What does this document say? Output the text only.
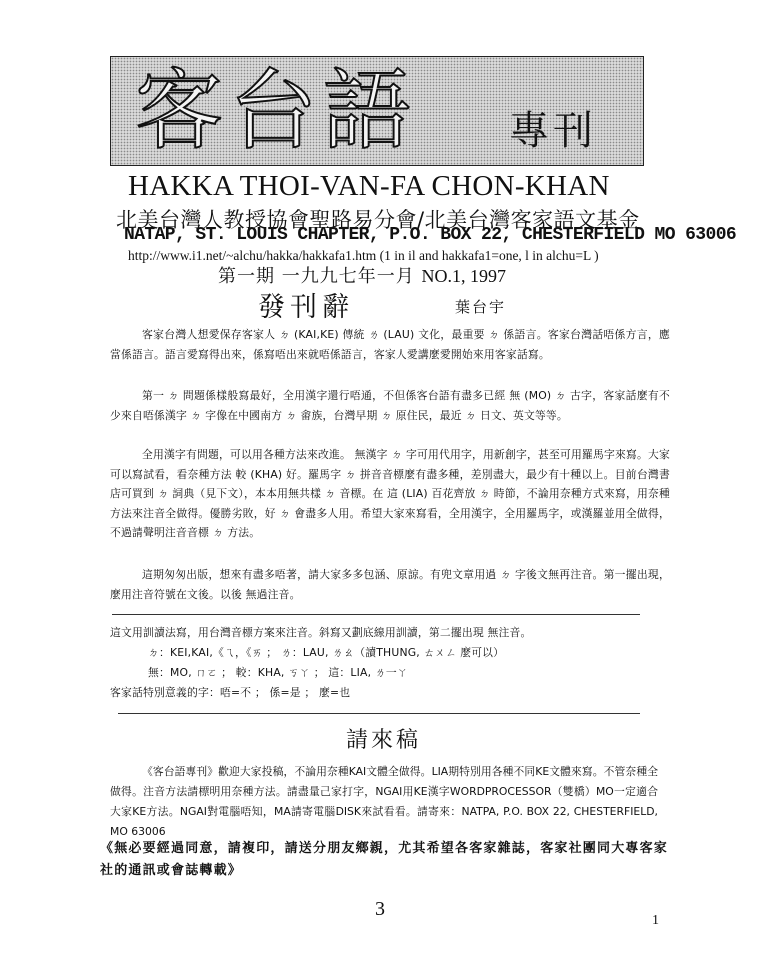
客台語 專刊
HAKKA THOI-VAN-FA CHON-KHAN
北美台灣人教授協會聖路易分會/北美台灣客家語文基金
NATAP, ST. LOUIS CHAPTER, P.O. BOX 22, CHESTERFIELD MO 63006
http://www.i1.net/~alchu/hakka/hakkafa1.htm (1 in il and hakkafa1=one, l in alchu=L )
第一期 一九九七年一月 NO.1, 1997
發刊辭	葉台宇

客家台灣人想愛保存客家人 ㄉ (KAI,KE) 傳統 ㄌ (LAU) 文化，最重要 ㄉ 係語言。客家台灣話唔係方言，應當係語言。語言愛寫得出來，係寫唔出來就唔係語言，客家人愛講麼愛開始來用客家話寫。

第一 ㄉ 問題係樣般寫最好，全用漢字還行唔通，不但係客台語有盡多已經 無 (MO) ㄉ 古字，客家話麼有不少來自唔係漢字 ㄉ 字像在中國南方 ㄉ 畬族，台灣早期 ㄉ 原住民，最近 ㄉ 日文、英文等等。

全用漢字有問題，可以用各種方法來改進。 無漢字 ㄉ 字可用代用字，用新創字，甚至可用羅馬字來寫。大家可以寫試看，看奈種方法 較 (KHA) 好。羅馬字 ㄉ 拼音音標麼有盡多種，差別盡大，最少有十種以上。目前台灣書店可買到 ㄉ 詞典（見下文），本本用無共樣 ㄉ 音標。在 這 (LIA) 百花齊放 ㄉ 時節，不論用奈種方式來寫，用奈種方法來注音全做得。優勝劣敗，好 ㄉ 會盡多人用。希望大家來寫看，全用漢字，全用羅馬字，或漢羅並用全做得，不過請聲明注音音標 ㄉ 方法。

這期匆匆出版，想來有盡多唔著，請大家多多包涵、原諒。有兜文章用過 ㄉ 字後文無再注音。第一擺出現，麼用注音符號在文後。以後 無過注音。

這文用訓讀法寫，用台灣音標方案來注音。斜寫又劃底線用訓讀，第二擺出現 無注音。
ㄉ：KEI,KAI,《ㄟ，《ㄞ ； ㄌ：LAU, ㄌㄠ（讀THUNG, ㄊㄨㄥ 麼可以）
無：MO, ㄇㄛ ； 較：KHA, ㄎㄚ ； 這：LIA, ㄌ一ㄚ
客家話特別意義的字：唔=不 ； 係=是 ； 麼=也
請來稿

《客台語專刊》歡迎大家投稿，不論用奈種KAI文體全做得。LIA期特別用各種不同KE文體來寫。不管奈種全做得。注音方法請標明用奈種方法。請盡量己家打字，NGAI用KE漢字WORDPROCESSOR（雙橋）MO一定適合大家KE方法。NGAI對電腦唔知，MA請寄電腦DISK來試看看。請寄來：NATPA, P.O. BOX 22, CHESTERFIELD, MO 63006

《無必要經過同意，請複印，請送分朋友鄉親，尤其希望各客家雜誌，客家社團同大專客家社的通訊或會誌轉載》
3
1
